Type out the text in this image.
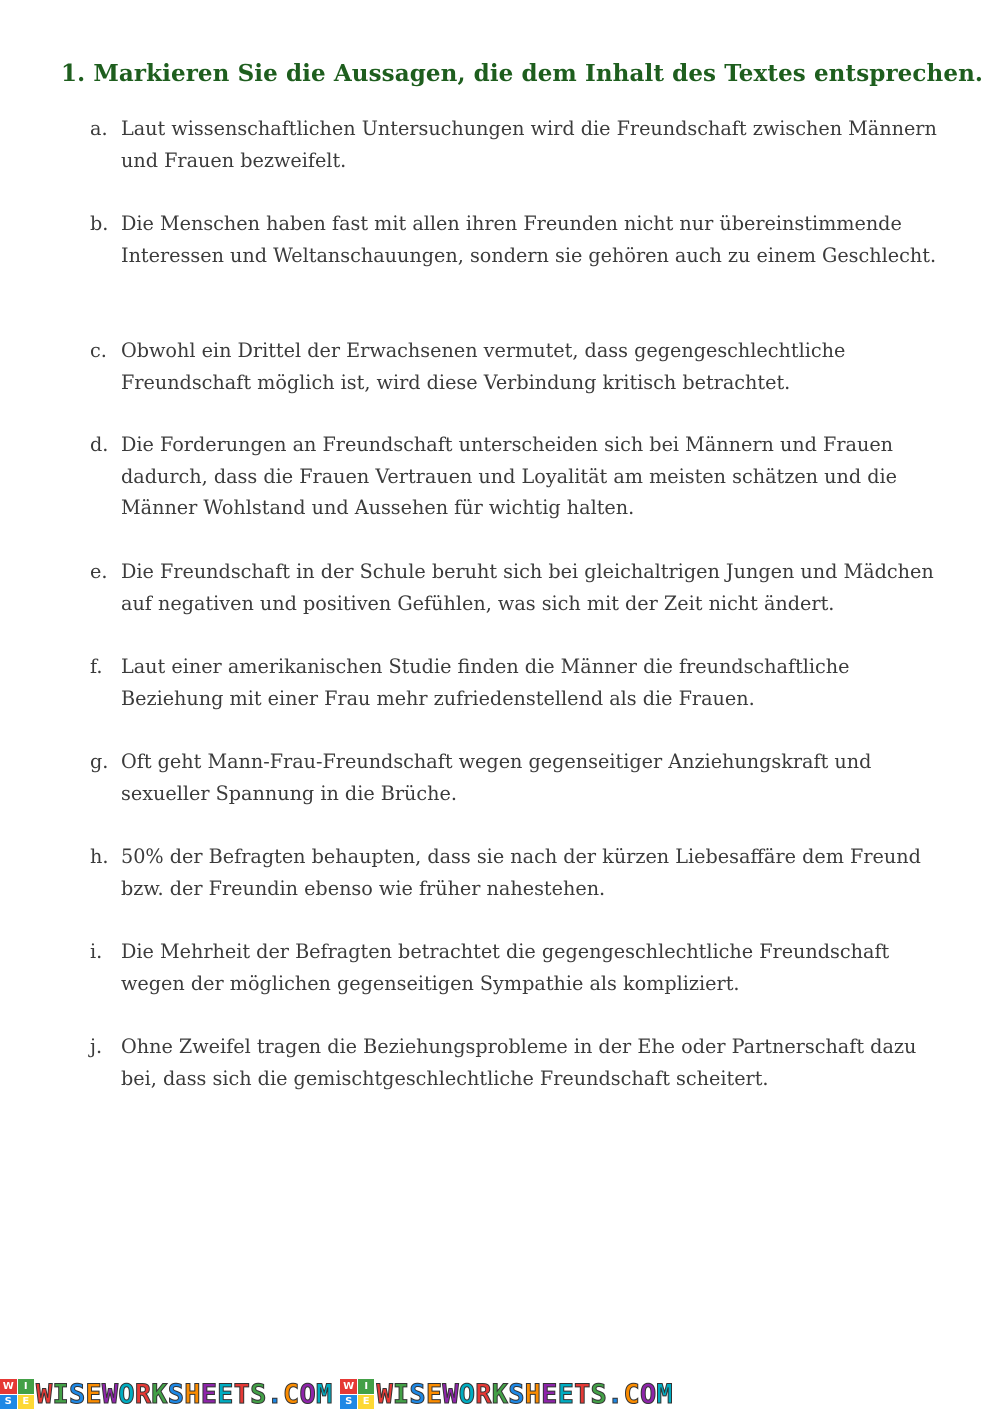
1. Markieren Sie die Aussagen, die dem Inhalt des Textes entsprechen.
a. Laut wissenschaftlichen Untersuchungen wird die Freundschaft zwischen Männern und Frauen bezweifelt.
b. Die Menschen haben fast mit allen ihren Freunden nicht nur übereinstimmende Interessen und Weltanschauungen, sondern sie gehören auch zu einem Geschlecht.
c. Obwohl ein Drittel der Erwachsenen vermutet, dass gegengeschlechtliche Freundschaft möglich ist, wird diese Verbindung kritisch betrachtet.
d. Die Forderungen an Freundschaft unterscheiden sich bei Männern und Frauen dadurch, dass die Frauen Vertrauen und Loyalität am meisten schätzen und die Männer Wohlstand und Aussehen für wichtig halten.
e. Die Freundschaft in der Schule beruht sich bei gleichaltrigen Jungen und Mädchen auf negativen und positiven Gefühlen, was sich mit der Zeit nicht ändert.
f. Laut einer amerikanischen Studie finden die Männer die freundschaftliche Beziehung mit einer Frau mehr zufriedenstellend als die Frauen.
g. Oft geht Mann-Frau-Freundschaft wegen gegenseitiger Anziehungskraft und sexueller Spannung in die Brüche.
h. 50% der Befragten behaupten, dass sie nach der kürzen Liebesaffäre dem Freund bzw. der Freundin ebenso wie früher nahestehen.
i. Die Mehrheit der Befragten betrachtet die gegengeschlechtliche Freundschaft wegen der möglichen gegenseitigen Sympathie als kompliziert.
j. Ohne Zweifel tragen die Beziehungsprobleme in der Ehe oder Partnerschaft dazu bei, dass sich die gemischtgeschlechtliche Freundschaft scheitert.
W	I
S	E WISEWORKSHEETS.COM W	I
S	E WISEWORKSHEETS.COM
